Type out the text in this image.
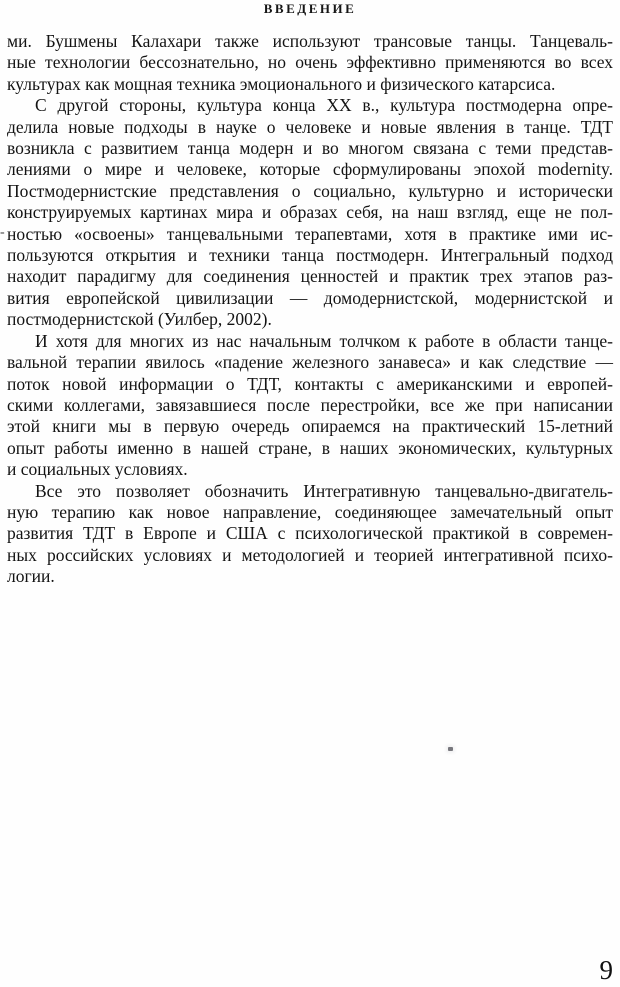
ВВЕДЕНИЕ
ми. Бушмены Калахари также используют трансовые танцы. Танцеваль-
ные технологии бессознательно, но очень эффективно применяются во всех
культурах как мощная техника эмоционального и физического катарсиса.
С другой стороны, культура конца XX в., культура постмодерна опре-
делила новые подходы в науке о человеке и новые явления в танце. ТДТ
возникла с развитием танца модерн и во многом связана с теми представ-
лениями о мире и человеке, которые сформулированы эпохой modernity.
Постмодернистские представления о социально, культурно и исторически
конструируемых картинах мира и образах себя, на наш взгляд, еще не пол-
ностью «освоены» танцевальными терапевтами, хотя в практике ими ис-
пользуются открытия и техники танца постмодерн. Интегральный подход
находит парадигму для соединения ценностей и практик трех этапов раз-
вития европейской цивилизации — домодернистской, модернистской и
постмодернистской (Уилбер, 2002).
И хотя для многих из нас начальным толчком к работе в области танце-
вальной терапии явилось «падение железного занавеса» и как следствие —
поток новой информации о ТДТ, контакты с американскими и европей-
скими коллегами, завязавшиеся после перестройки, все же при написании
этой книги мы в первую очередь опираемся на практический 15-летний
опыт работы именно в нашей стране, в наших экономических, культурных
и социальных условиях.
Все это позволяет обозначить Интегративную танцевально-двигатель-
ную терапию как новое направление, соединяющее замечательный опыт
развития ТДТ в Европе и США с психологической практикой в современ-
ных российских условиях и методологией и теорией интегративной психо-
логии.
-
9
